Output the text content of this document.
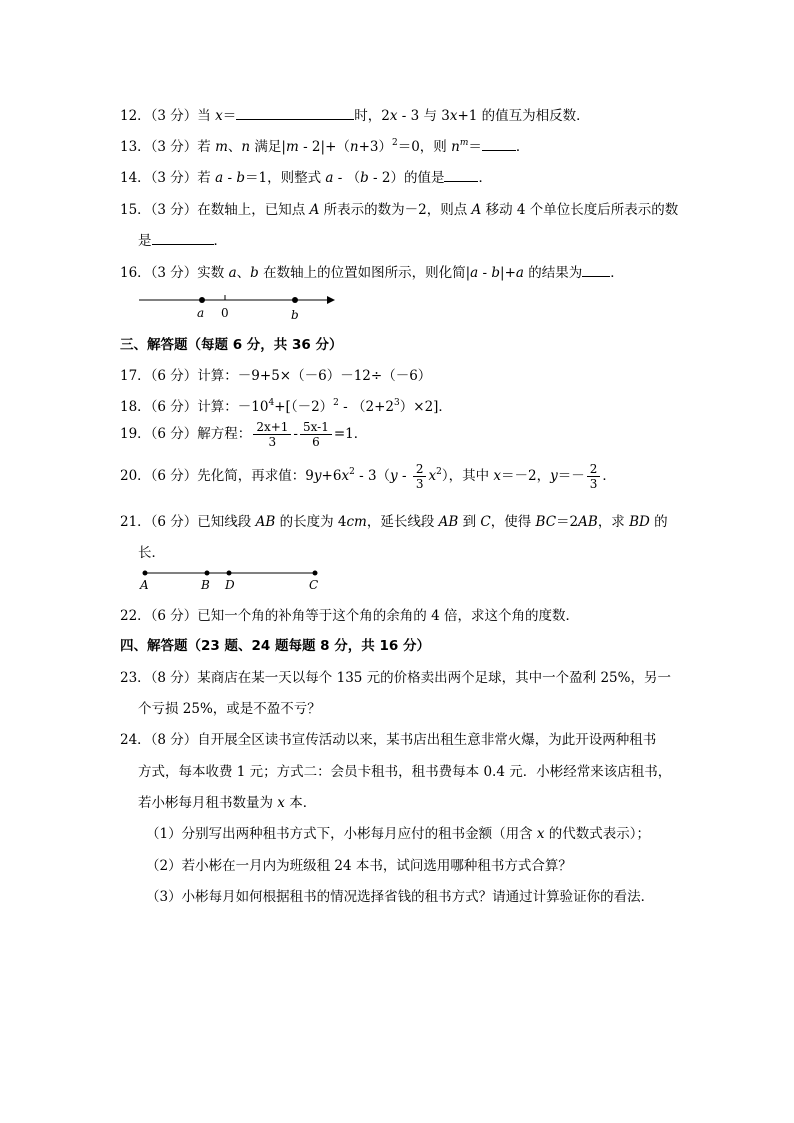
12．（3 分）当 x＝	时，2x - 3 与 3x+1 的值互为相反数．
13．（3 分）若 m、n 满足$|m - 2|+(n+3)^2=0$，则 $n^m=$	．
14．（3 分）若 a - b＝1，则整式 a - （b - 2）的值是	．
15．（3 分）在数轴上，已知点 A 所表示的数为－2，则点 A 移动 4 个单位长度后所表示的数
是	．
16．（3 分）实数 a、b 在数轴上的位置如图所示，则化简|a - b|+a 的结果为 ．
a 0	b
三、解答题（每题 6 分，共 36 分）
17．（6 分）计算：－9+5×（－6）－12÷（－6）
18．（6 分）计算：$-10^4+[(-2)^2 - (2+2^3)\times 2]$．
19．（6 分）解方程： $\frac{2x+1}{3} - \frac{5x-1}{6} =1$．
20．（6 分）先化简，再求值：$9y+6x^2 - 3(y - \frac{2}{3} x^2)$，其中 x＝－2，$y=- \frac{2}{3}$ ．
21．（6 分）已知线段 AB 的长度为 4cm，延长线段 AB 到 C，使得 BC＝2AB，求 BD 的
长．
A	B D	C
22．（6 分）已知一个角的补角等于这个角的余角的 4 倍，求这个角的度数．
四、解答题（23 题、24 题每题 8 分，共 16 分）
23．（8 分）某商店在某一天以每个 135 元的价格卖出两个足球，其中一个盈利 25%，另一
个亏损 25%，或是不盈不亏？
24．（8 分）自开展全区读书宣传活动以来，某书店出租生意非常火爆，为此开设两种租书
方式，每本收费 1 元；方式二：会员卡租书，租书费每本 0.4 元．小彬经常来该店租书，
若小彬每月租书数量为 x 本．
（1）分别写出两种租书方式下，小彬每月应付的租书金额（用含 x 的代数式表示）；
（2）若小彬在一月内为班级租 24 本书，试问选用哪种租书方式合算？
（3）小彬每月如何根据租书的情况选择省钱的租书方式？请通过计算验证你的看法．
